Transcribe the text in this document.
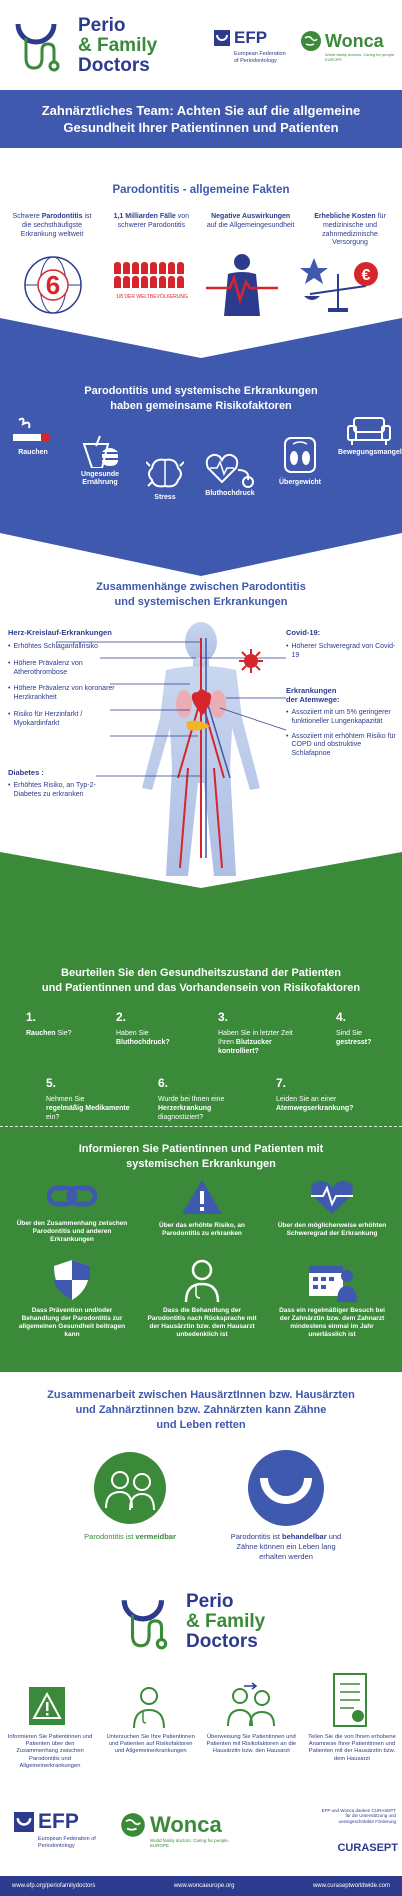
Perio
& Family
Doctors
EFP
European Federation of Periodontology
Wonca
World family doctors. Caring for people.
EUROPE
Zahnärztliches Team: Achten Sie auf die allgemeine
Gesundheit Ihrer Patientinnen und Patienten
Parodontitis - allgemeine Fakten
Schwere Parodontitis ist die sechsthäufigste Erkrankung weltweit
1,1 Milliarden Fälle von schwerer Parodontitis
Negative Auswirkungen auf die Allgemeingesundheit
Erhebliche Kosten für medizinische und zahnmedizinische Versorgung
6	1/8 DER WELTBEVÖLKERUNG
€
Parodontitis und systemische Erkrankungen
haben gemeinsame Risikofaktoren
Rauchen
Ungesunde Ernährung
Stress
Bluthochdruck
Übergewicht
Bewegungsmangel
Zusammenhänge zwischen Parodontitis
und systemischen Erkrankungen
Herz-Kreislauf-Erkrankungen
• Erhöhtes Schlaganfallrisiko
• Höhere Prävalenz von Atherothrombose
• Höhere Prävalenz von koronarer Herzkrankheit
• Risiko für Herzinfarkt / Myokardinfarkt
Diabetes :
• Erhöhtes Risiko, an Typ-2-Diabetes zu erkranken
Covid-19:
• Höherer Schweregrad von Covid-19
Erkrankungen
der Atemwege:
• Assoziiert mit um 5% geringerer funktioneller Lungenkapazität
• Assoziiert mit erhöhtem Risiko für COPD und obstruktive Schlafapnoe
Beurteilen Sie den Gesundheitszustand der Patienten
und Patientinnen und das Vorhandensein von Risikofaktoren
1.
Rauchen Sie?
2.
Haben Sie
Bluthochdruck?
3.
Haben Sie in letzter Zeit Ihren Blutzucker kontrolliert?
4.
Sind Sie
gestresst?
5.
Nehmen Sie
regelmäßig Medikamente ein?
6.
Wurde bei Ihnen eine Herzerkrankung diagnostiziert?
7.
Leiden Sie an einer
Atemwegserkrankung?
Informieren Sie Patientinnen und Patienten mit
systemischen Erkrankungen
Über den Zusammenhang zwischen Parodontitis und anderen Erkrankungen
Über das erhöhte Risiko, an Parodontitis zu erkranken
Über den möglicherweise erhöhten Schweregrad der Erkrankung
Dass Prävention und/oder Behandlung der Parodontitis zur allgemeinen Gesundheit beitragen kann
Dass die Behandlung der Parodontitis nach Rücksprache mit der Hausärztin bzw. dem Hausarzt unbedenklich ist
Dass ein regelmäßiger Besuch bei der Zahnärztin bzw. dem Zahnarzt mindestens einmal im Jahr unerlässlich ist
Zusammenarbeit zwischen HausärztInnen bzw. Hausärzten
und Zahnärztinnen bzw. Zahnärzten kann Zähne
und Leben retten
Parodontitis ist vermeidbar	Parodontitis ist behandelbar und Zähne können ein Leben lang erhalten werden
Perio
& Family
Doctors
Informieren Sie Patientinnen und Patienten über den Zusammenhang zwischen Parodontitis und Allgemeinerkrankungen
Untersuchen Sie Ihre Patientinnen und Patienten auf Risikofaktoren und Allgemeinerkrankungen
Überweisung Sie Patientinnen und Patienten mit Risikofaktoren an die Hausärztin bzw. den Hausarzt
Teilen Sie die von Ihnen erhobene Anamnese Ihrer Patientinnen und Patienten mit der Hausärztin bzw. dem Hausarzt
EFP
European Federation of Periodontology
Wonca
World family doctors. Caring for people.
EUROPE
EFP und Wonca danken CURASEPT für die Unterstützung und uneingeschränkte Förderung
CURASEPT
www.efp.org/periofamilydoctors	www.woncaeurope.org	www.curaseptworldwide.com
